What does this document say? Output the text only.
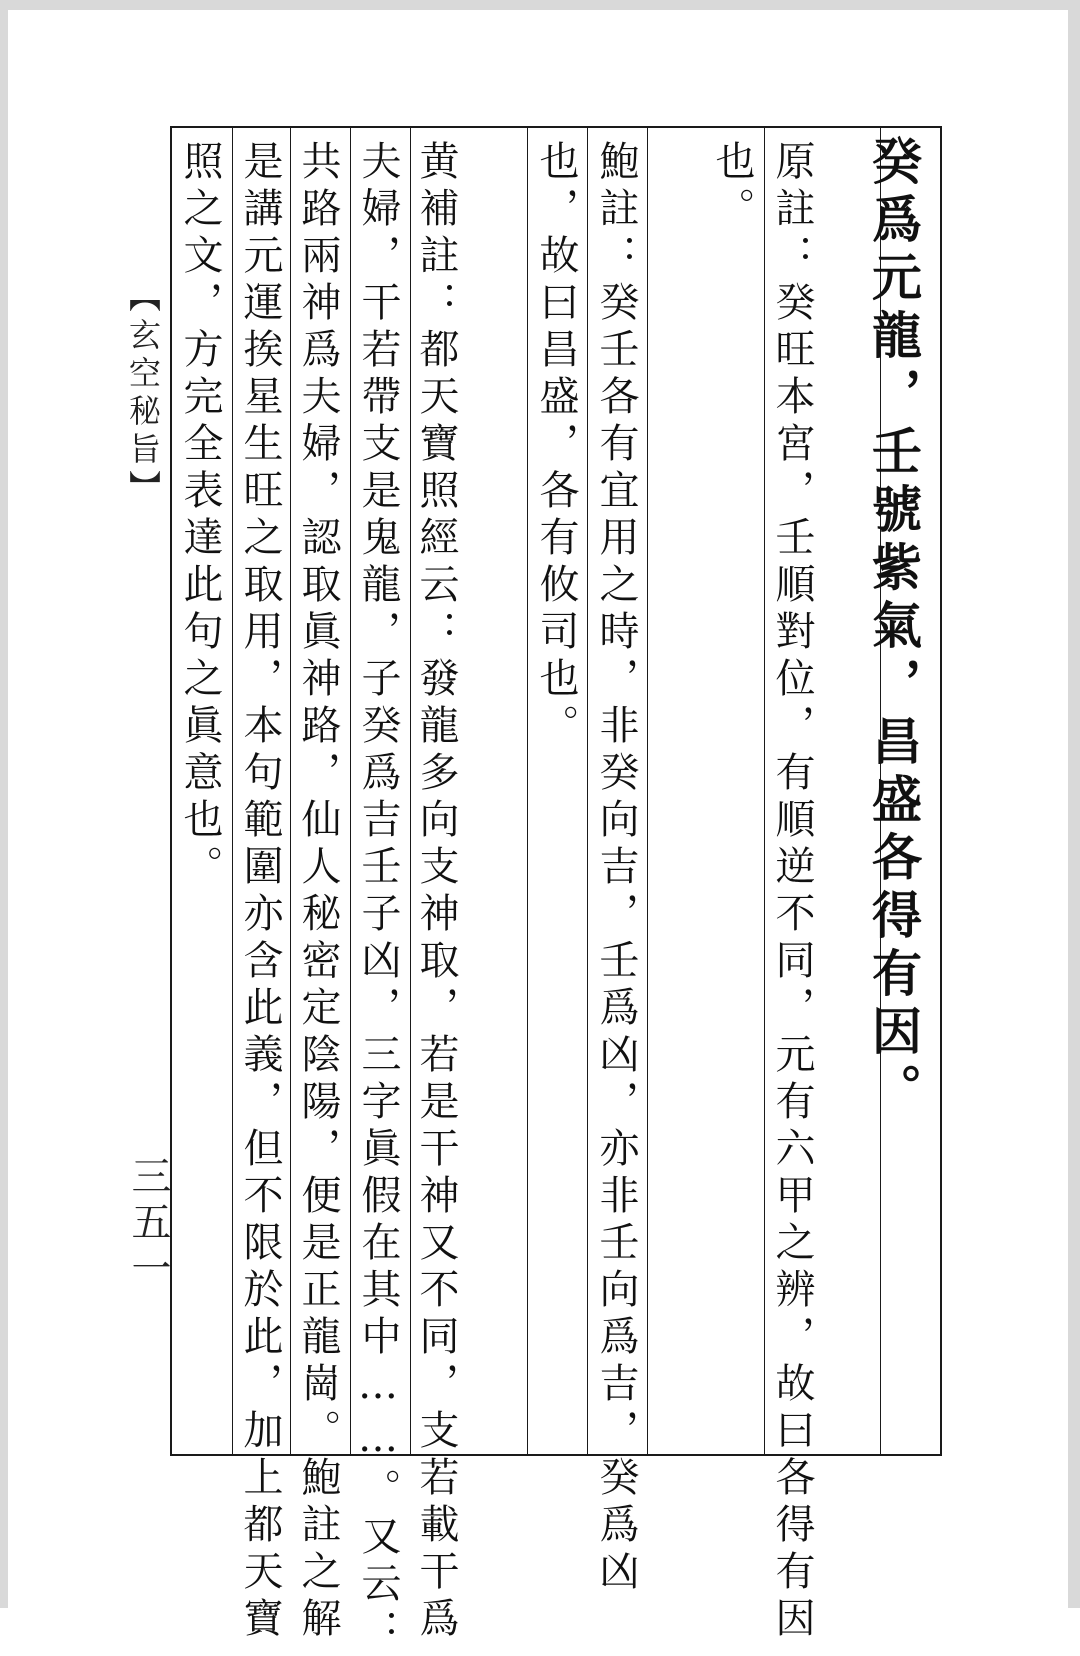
癸爲元龍，壬號紫氣，昌盛各得有因。
原註：癸旺本宮，壬順對位，有順逆不同，元有六甲之辨，故曰各得有因
也。
鮑註：癸壬各有宜用之時，非癸向吉，壬爲凶，亦非壬向爲吉，癸爲凶
也，故曰昌盛，各有攸司也。
黄補註：都天寶照經云：發龍多向支神取，若是干神又不同，支若載干爲
夫婦，干若帶支是鬼龍，子癸爲吉壬子凶，三字眞假在其中……。又云：
共路兩神爲夫婦，認取眞神路，仙人秘密定陰陽，便是正龍崗。鮑註之解
是講元運挨星生旺之取用，本句範圍亦含此義，但不限於此，加上都天寶
照之文，方完全表達此句之眞意也。
【玄空秘旨】
三五一
